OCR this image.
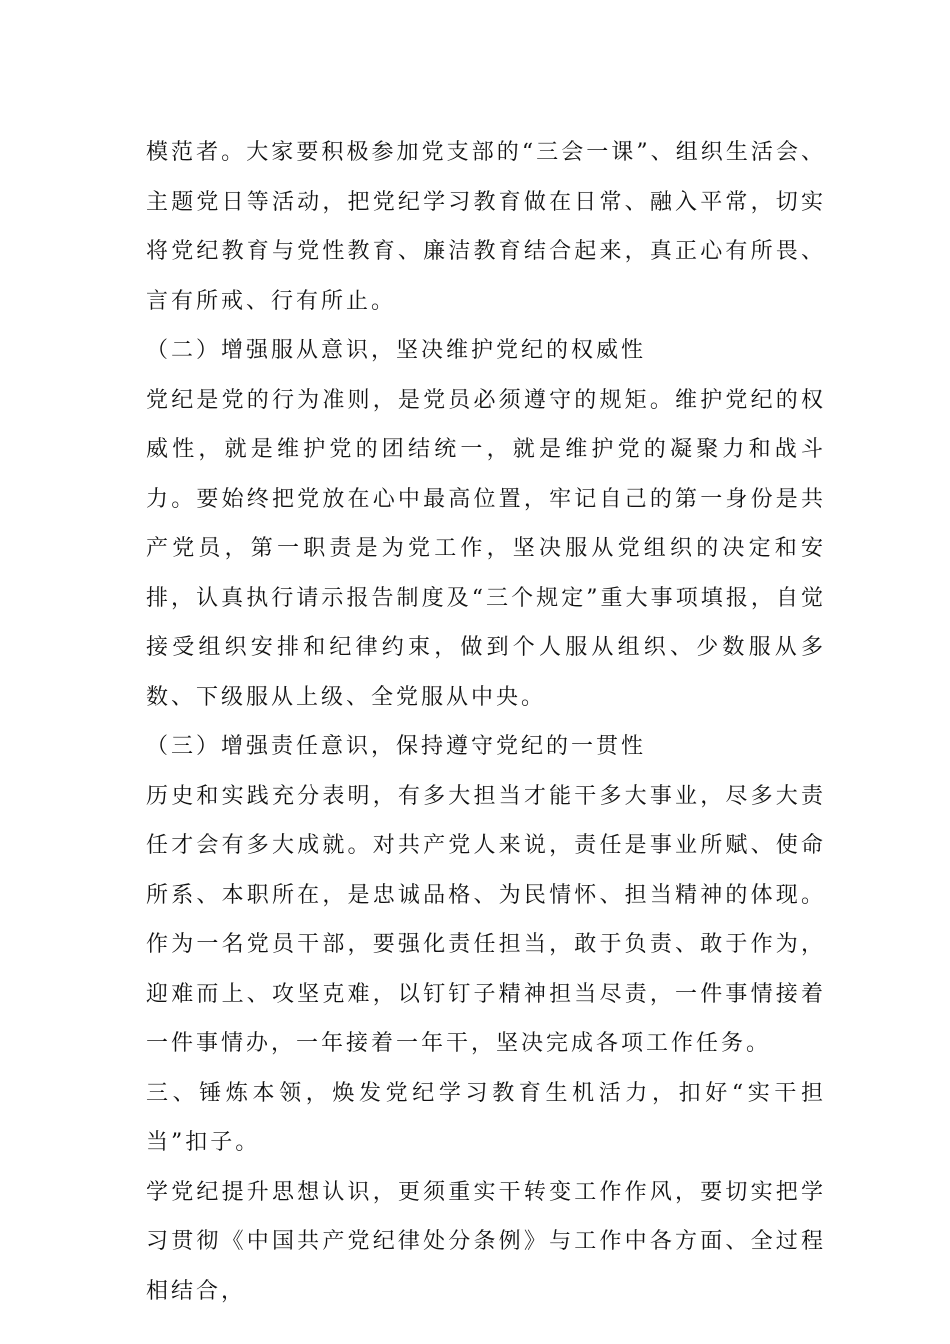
模范者。大家要积极参加党支部的“三会一课”、组织生活会、主题党日等活动，把党纪学习教育做在日常、融入平常，切实将党纪教育与党性教育、廉洁教育结合起来，真正心有所畏、言有所戒、行有所止。

（二）增强服从意识，坚决维护党纪的权威性

党纪是党的行为准则，是党员必须遵守的规矩。维护党纪的权威性，就是维护党的团结统一，就是维护党的凝聚力和战斗力。要始终把党放在心中最高位置，牢记自己的第一身份是共产党员，第一职责是为党工作，坚决服从党组织的决定和安排，认真执行请示报告制度及“三个规定”重大事项填报，自觉接受组织安排和纪律约束，做到个人服从组织、少数服从多数、下级服从上级、全党服从中央。

（三）增强责任意识，保持遵守党纪的一贯性

历史和实践充分表明，有多大担当才能干多大事业，尽多大责任才会有多大成就。对共产党人来说，责任是事业所赋、使命所系、本职所在，是忠诚品格、为民情怀、担当精神的体现。作为一名党员干部，要强化责任担当，敢于负责、敢于作为，迎难而上、攻坚克难，以钉钉子精神担当尽责，一件事情接着一件事情办，一年接着一年干，坚决完成各项工作任务。

三、锤炼本领，焕发党纪学习教育生机活力，扣好“实干担当”扣子。

学党纪提升思想认识，更须重实干转变工作作风，要切实把学习贯彻《中国共产党纪律处分条例》与工作中各方面、全过程相结合，
